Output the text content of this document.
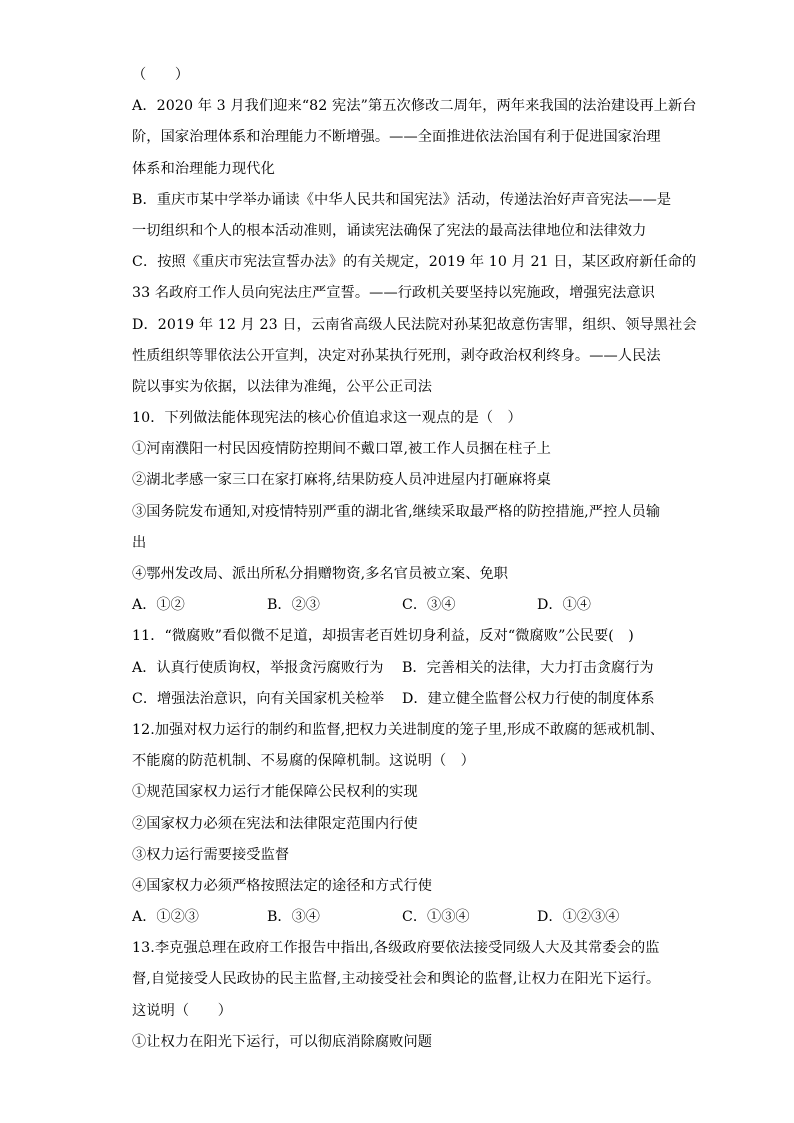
（　　）
A．2020 年 3 月我们迎来“82 宪法”第五次修改二周年，两年来我国的法治建设再上新台
阶，国家治理体系和治理能力不断增强。——全面推进依法治国有利于促进国家治理
体系和治理能力现代化
B．重庆市某中学举办诵读《中华人民共和国宪法》活动，传递法治好声音宪法——是
一切组织和个人的根本活动准则，诵读宪法确保了宪法的最高法律地位和法律效力
C．按照《重庆市宪法宣誓办法》的有关规定，2019 年 10 月 21 日，某区政府新任命的
33 名政府工作人员向宪法庄严宣誓。——行政机关要坚持以宪施政，增强宪法意识
D．2019 年 12 月 23 日，云南省高级人民法院对孙某犯故意伤害罪，组织、领导黑社会
性质组织等罪依法公开宣判，决定对孙某执行死刑，剥夺政治权利终身。——人民法
院以事实为依据，以法律为准绳，公平公正司法
10．下列做法能体现宪法的核心价值追求这一观点的是（　）
①河南濮阳一村民因疫情防控期间不戴口罩,被工作人员捆在柱子上
②湖北孝感一家三口在家打麻将,结果防疫人员冲进屋内打砸麻将桌
③国务院发布通知,对疫情特别严重的湖北省,继续采取最严格的防控措施,严控人员输
出
④鄂州发改局、派出所私分捐赠物资,多名官员被立案、免职
A．①②	B．②③	C．③④	D．①④
11．“微腐败”看似微不足道，却损害老百姓切身利益，反对“微腐败”公民要(　)
A．认真行使质询权，举报贪污腐败行为	B．完善相关的法律，大力打击贪腐行为
C．增强法治意识，向有关国家机关检举	D．建立健全监督公权力行使的制度体系
12.加强对权力运行的制约和监督,把权力关进制度的笼子里,形成不敢腐的惩戒机制、
不能腐的防范机制、不易腐的保障机制。这说明（　）
①规范国家权力运行才能保障公民权利的实现
②国家权力必须在宪法和法律限定范围内行使
③权力运行需要接受监督
④国家权力必须严格按照法定的途径和方式行使
A．①②③	B．③④	C．①③④	D．①②③④
13.李克强总理在政府工作报告中指出,各级政府要依法接受同级人大及其常委会的监
督,自觉接受人民政协的民主监督,主动接受社会和舆论的监督,让权力在阳光下运行。
这说明（　　）
①让权力在阳光下运行，可以彻底消除腐败问题
